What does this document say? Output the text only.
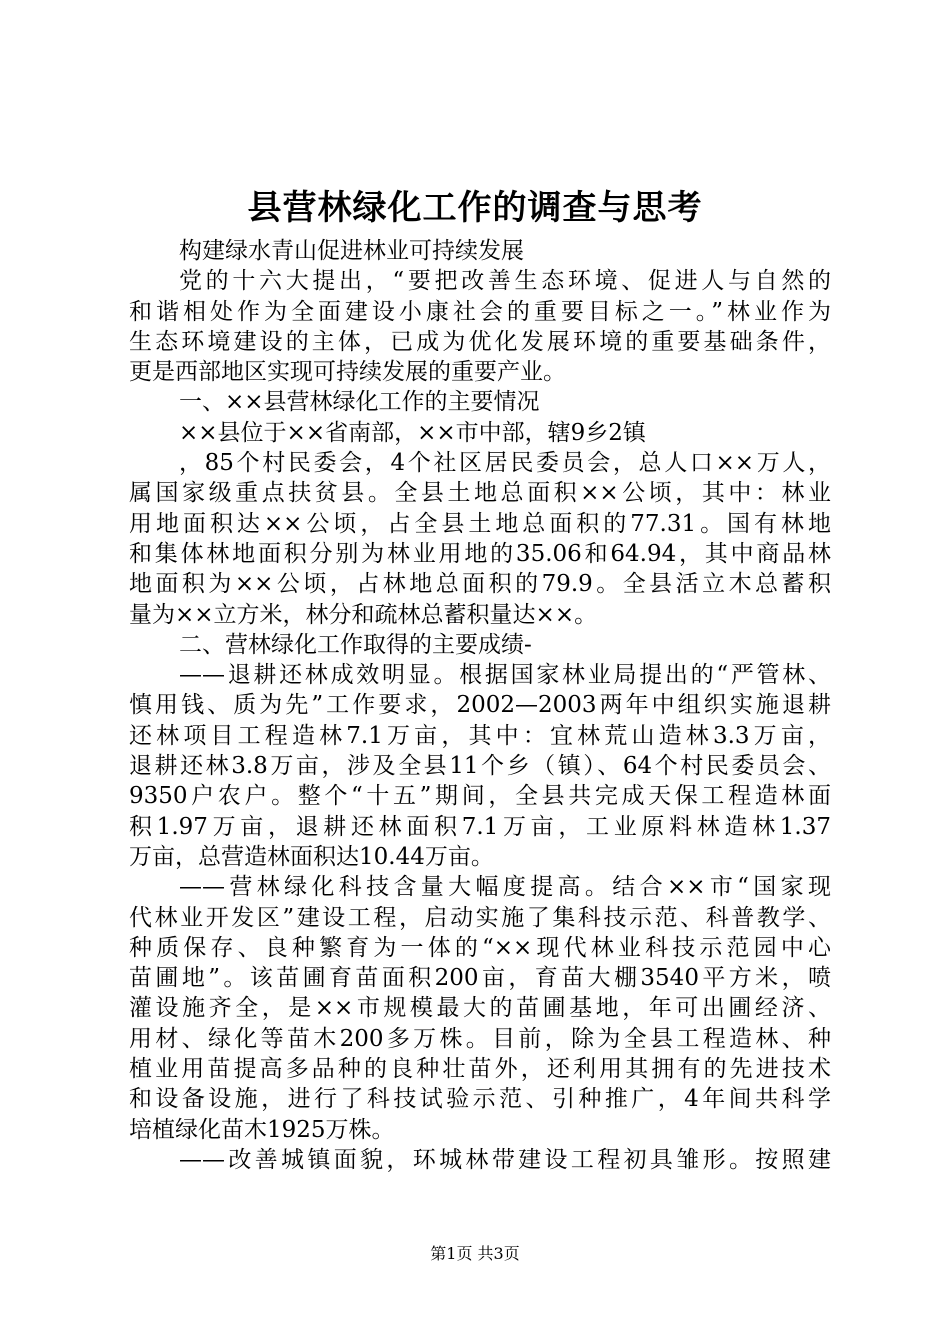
县营林绿化工作的调查与思考
构建绿水青山促进林业可持续发展
党的十六大提出，“要把改善生态环境、促进人与自然的
和谐相处作为全面建设小康社会的重要目标之一。”林业作为
生态环境建设的主体，已成为优化发展环境的重要基础条件，
更是西部地区实现可持续发展的重要产业。
一、××县营林绿化工作的主要情况
××县位于××省南部，××市中部，辖9乡2镇
，85个村民委会，4个社区居民委员会，总人口××万人，
属国家级重点扶贫县。全县土地总面积××公顷，其中：林业
用地面积达××公顷，占全县土地总面积的77.31。国有林地
和集体林地面积分别为林业用地的35.06和64.94，其中商品林
地面积为××公顷，占林地总面积的79.9。全县活立木总蓄积
量为××立方米，林分和疏林总蓄积量达××。
二、营林绿化工作取得的主要成绩-
——退耕还林成效明显。根据国家林业局提出的“严管林、
慎用钱、质为先”工作要求，2002—2003两年中组织实施退耕
还林项目工程造林7.1万亩，其中：宜林荒山造林3.3万亩，
退耕还林3.8万亩，涉及全县11个乡（镇）、64个村民委员会、
9350户农户。整个“十五”期间，全县共完成天保工程造林面
积1.97万亩，退耕还林面积7.1万亩，工业原料林造林1.37
万亩，总营造林面积达10.44万亩。
——营林绿化科技含量大幅度提高。结合××市“国家现
代林业开发区”建设工程，启动实施了集科技示范、科普教学、
种质保存、良种繁育为一体的“××现代林业科技示范园中心
苗圃地”。该苗圃育苗面积200亩，育苗大棚3540平方米，喷
灌设施齐全，是××市规模最大的苗圃基地，年可出圃经济、
用材、绿化等苗木200多万株。目前，除为全县工程造林、种
植业用苗提高多品种的良种壮苗外，还利用其拥有的先进技术
和设备设施，进行了科技试验示范、引种推广，4年间共科学
培植绿化苗木1925万株。
——改善城镇面貌，环城林带建设工程初具雏形。按照建
第1页 共3页
